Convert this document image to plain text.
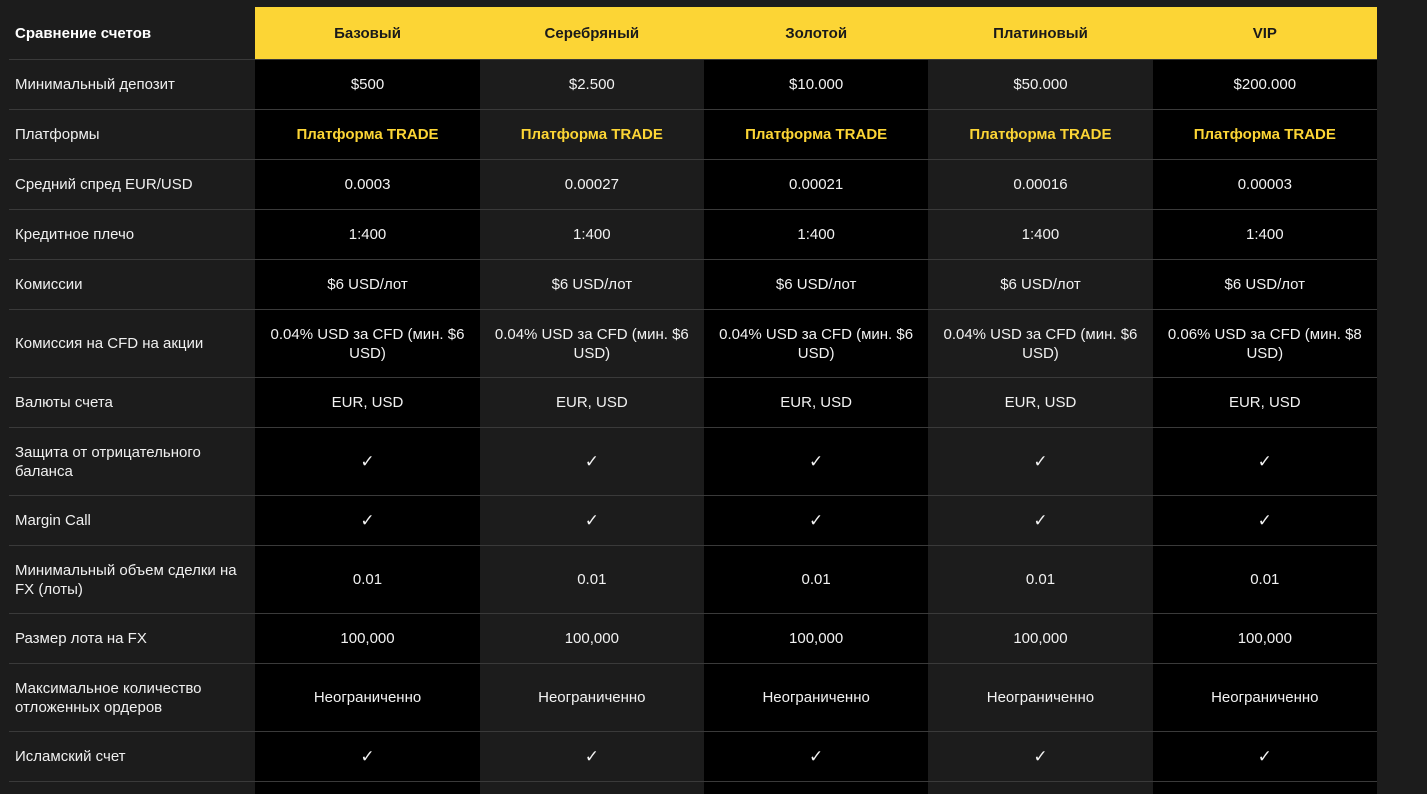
Сравнение счетов	Базовый	Серебряный	Золотой	Платиновый	VIP
Минимальный депозит	$500	$2.500	$10.000	$50.000	$200.000
Платформы	Платформа TRADE	Платформа TRADE	Платформа TRADE	Платформа TRADE	Платформа TRADE
Средний спред EUR/USD	0.0003	0.00027	0.00021	0.00016	0.00003
Кредитное плечо	1:400	1:400	1:400	1:400	1:400
Комиссии	$6 USD/лот	$6 USD/лот	$6 USD/лот	$6 USD/лот	$6 USD/лот
Комиссия на CFD на акции	0.04% USD за CFD (мин. $6 USD)	0.04% USD за CFD (мин. $6 USD)	0.04% USD за CFD (мин. $6 USD)	0.04% USD за CFD (мин. $6 USD)	0.06% USD за CFD (мин. $8 USD)
Валюты счета	EUR, USD	EUR, USD	EUR, USD	EUR, USD	EUR, USD
Защита от отрицательного баланса	✓	✓	✓	✓	✓
Margin Call	✓	✓	✓	✓	✓
Минимальный объем сделки на FX (лоты)	0.01	0.01	0.01	0.01	0.01
Размер лота на FX	100,000	100,000	100,000	100,000	100,000
Максимальное количество отложенных ордеров	Неограниченно	Неограниченно	Неограниченно	Неограниченно	Неограниченно
Исламский счет	✓	✓	✓	✓	✓
